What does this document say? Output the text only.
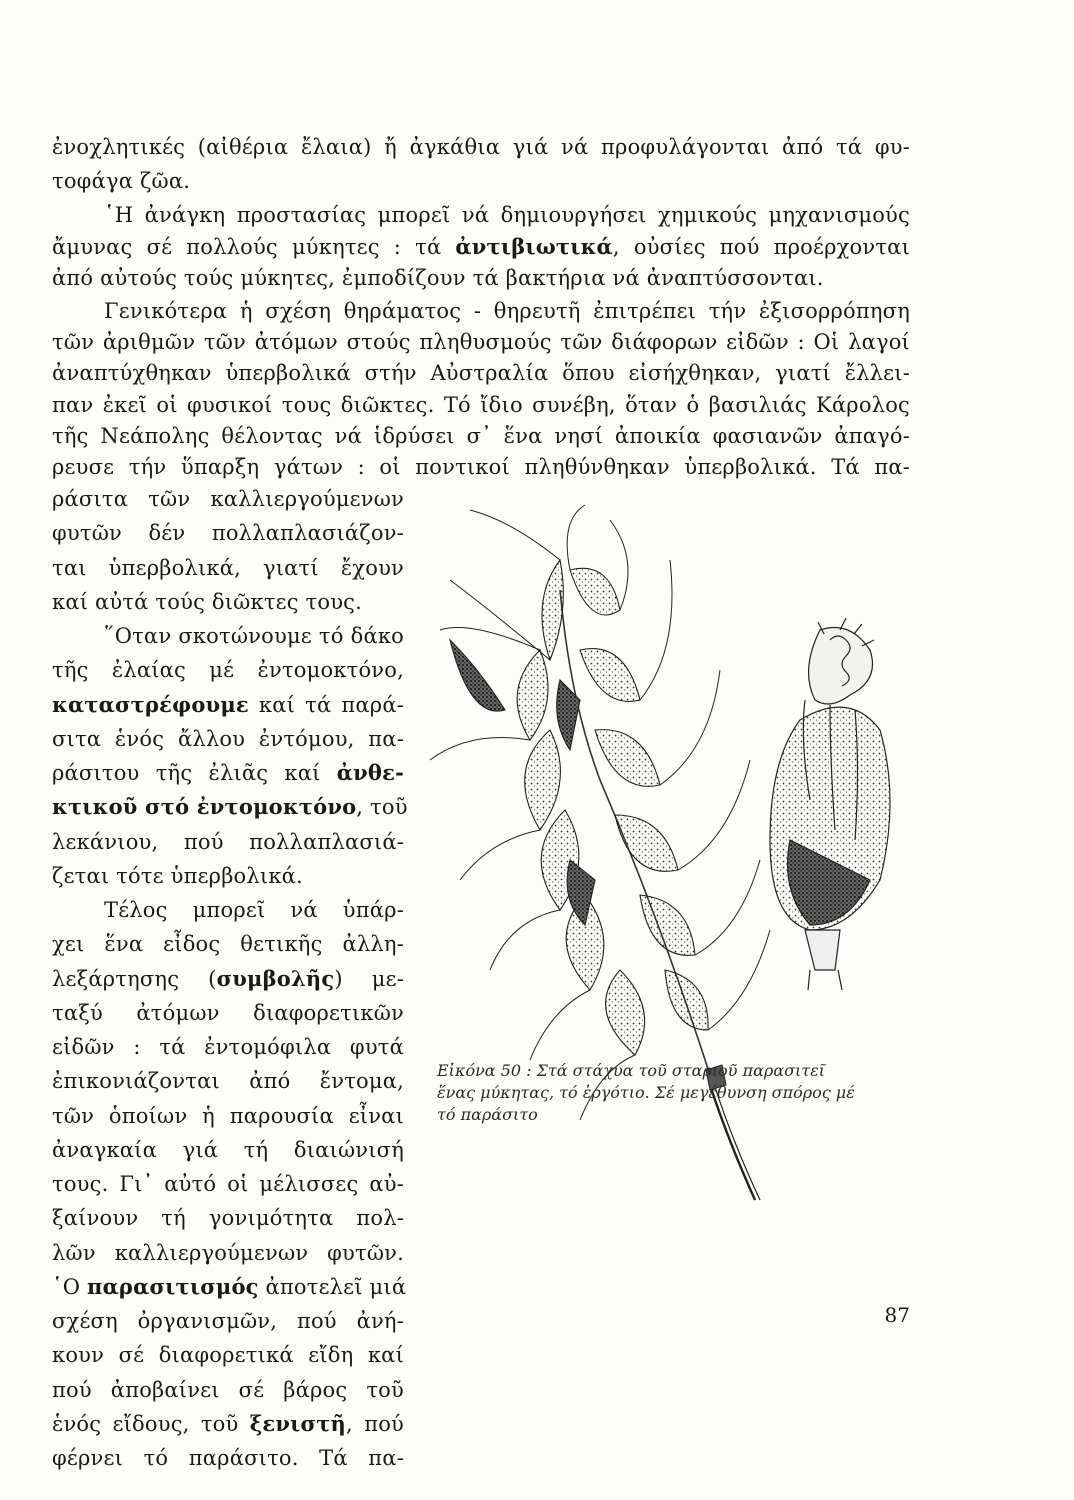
ἐνοχλητικές (αἰθέρια ἔλαια) ἤ ἀγκάθια γιά νά προφυλάγονται ἀπό τά φυ-
τοφάγα ζῶα.
῾Η ἀνάγκη προστασίας μπορεῖ νά δημιουργήσει χημικούς μηχανισμούς
ἄμυνας σέ πολλούς μύκητες : τά ἀντιβιωτικά, οὐσίες πού προέρχονται
ἀπό αὐτούς τούς μύκητες, ἐμποδίζουν τά βακτήρια νά ἀναπτύσσονται.
Γενικότερα ἡ σχέση θηράματος - θηρευτῆ ἐπιτρέπει τήν ἐξισορρόπηση
τῶν ἀριθμῶν τῶν ἀτόμων στούς πληθυσμούς τῶν διάφορων εἰδῶν : Οἱ λαγοί
ἀναπτύχθηκαν ὑπερβολικά στήν Αὐστραλία ὅπου εἰσήχθηκαν, γιατί ἔλλει-
παν ἐκεῖ οἱ φυσικοί τους διῶκτες. Τό ἴδιο συνέβη, ὅταν ὁ βασιλιάς Κάρολος
τῆς Νεάπολης θέλοντας νά ἱδρύσει σ᾿ ἕνα νησί ἀποικία φασιανῶν ἀπαγό-
ρευσε τήν ὕπαρξη γάτων : οἱ ποντικοί πληθύνθηκαν ὑπερβολικά. Τά πα-
ράσιτα τῶν καλλιεργούμενων
φυτῶν δέν πολλαπλασιάζον-
ται ὑπερβολικά, γιατί ἔχουν
καί αὐτά τούς διῶκτες τους.
῞Οταν σκοτώνουμε τό δάκο
τῆς ἐλαίας μέ ἐντομοκτόνο,
καταστρέφουμε καί τά παρά-
σιτα ἑνός ἄλλου ἐντόμου, πα-
ράσιτου τῆς ἐλιᾶς καί ἀνθε-
κτικοῦ στό ἐντομοκτόνο, τοῦ
λεκάνιου, πού πολλαπλασιά-
ζεται τότε ὑπερβολικά.
Τέλος μπορεῖ νά ὑπάρ-
χει ἕνα εἶδος θετικῆς ἀλλη-
λεξάρτησης (συμβολῆς) με-
ταξύ ἀτόμων διαφορετικῶν
εἰδῶν : τά ἐντομόφιλα φυτά
ἐπικονιάζονται ἀπό ἔντομα,
τῶν ὁποίων ἡ παρουσία εἶναι
ἀναγκαία γιά τή διαιώνισή
τους. Γι᾿ αὐτό οἱ μέλισσες αὐ-
ξαίνουν τή γονιμότητα πολ-
λῶν καλλιεργούμενων φυτῶν.
῾Ο παρασιτισμός ἀποτελεῖ μιά
σχέση ὀργανισμῶν, πού ἀνή-
κουν σέ διαφορετικά εἴδη καί
πού ἀποβαίνει σέ βάρος τοῦ
ἑνός εἴδους, τοῦ ξενιστῆ, πού
φέρνει τό παράσιτο. Τά πα-
Εἰκόνα 50 : Στά στάχυα τοῦ σταριοῦ παρασιτεῖ
ἕνας μύκητας, τό ἐργότιο. Σέ μεγέθυνση σπόρος μέ
τό παράσιτο
87
